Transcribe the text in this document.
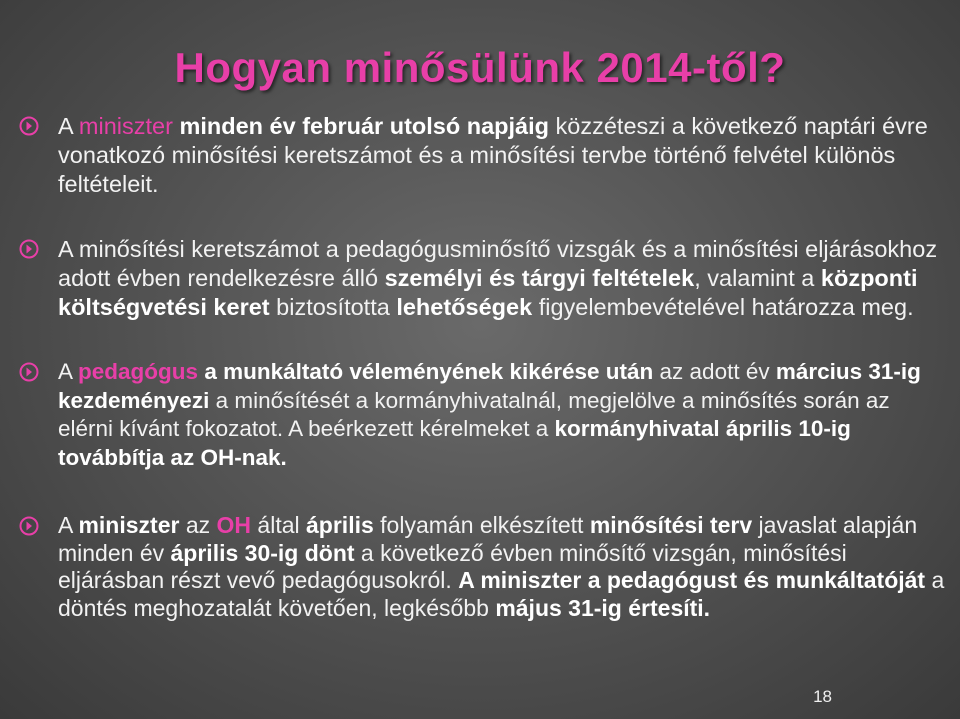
Hogyan minősülünk 2014-től?
A miniszter minden év február utolsó napjáig közzéteszi a következő naptári évre vonatkozó minősítési keretszámot és a minősítési tervbe történő felvétel különös feltételeit.
A minősítési keretszámot a pedagógusminősítő vizsgák és a minősítési eljárásokhoz adott évben rendelkezésre álló személyi és tárgyi feltételek, valamint a központi költségvetési keret biztosította lehetőségek figyelembevételével határozza meg.
A pedagógus a munkáltató véleményének kikérése után az adott év március 31-ig kezdeményezi a minősítését a kormányhivatalnál, megjelölve a minősítés során az elérni kívánt fokozatot. A beérkezett kérelmeket a kormányhivatal április 10-ig továbbítja az OH-nak.
A miniszter az OH által április folyamán elkészített minősítési terv javaslat alapján minden év április 30-ig dönt a következő évben minősítő vizsgán, minősítési eljárásban részt vevő pedagógusokról. A miniszter a pedagógust és munkáltatóját a döntés meghozatalát követően, legkésőbb május 31-ig értesíti.
18
